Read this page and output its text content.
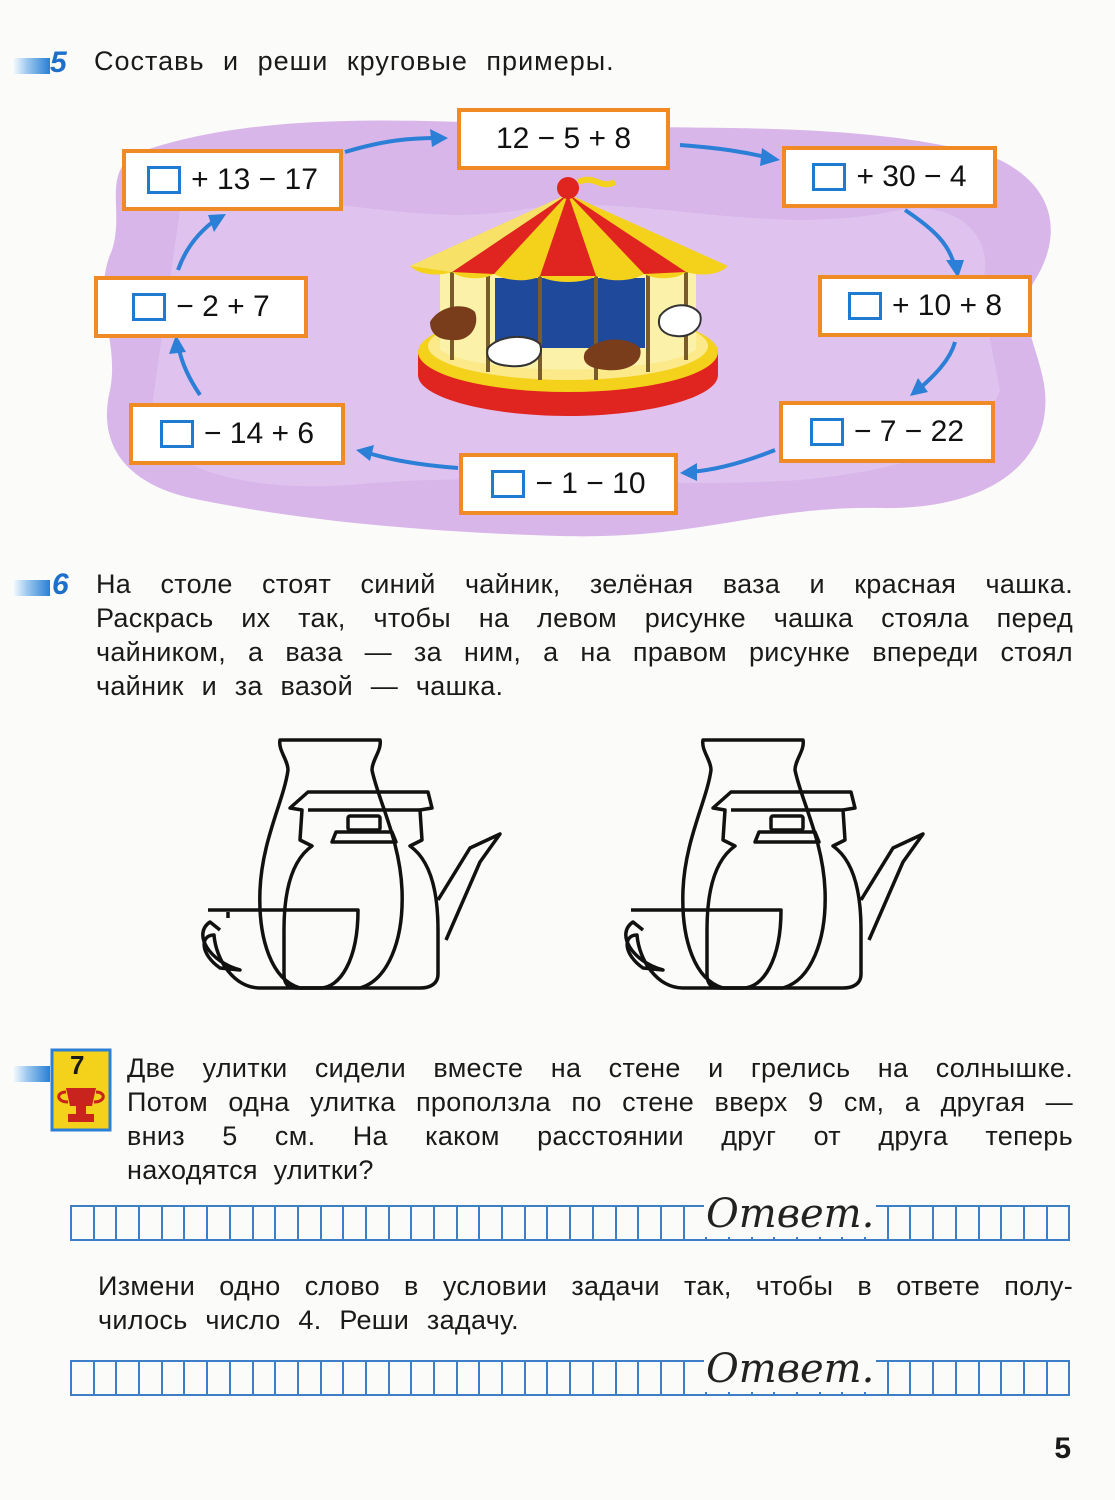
5 Составь и реши круговые примеры.
12 − 5 + 8
+ 30 − 4
+ 10 + 8
− 7 − 22
− 1 − 10
− 14 + 6
− 2 + 7
+ 13 − 17
6 На столе стоят синий чайник, зелёная ваза и красная чашка.
Раскрась их так, чтобы на левом рисунке чашка стояла перед
чайником, а ваза — за ним, а на правом рисунке впереди стоял
чайник и за вазой — чашка.
7 Две улитки сидели вместе на стене и грелись на солнышке.
Потом одна улитка проползла по стене вверх 9 см, а другая —
вниз 5 см. На каком расстоянии друг от друга теперь
находятся улитки?
Ответ.
Измени одно слово в условии задачи так, чтобы в ответе полу-
чилось число 4. Реши задачу.
Ответ.
5
